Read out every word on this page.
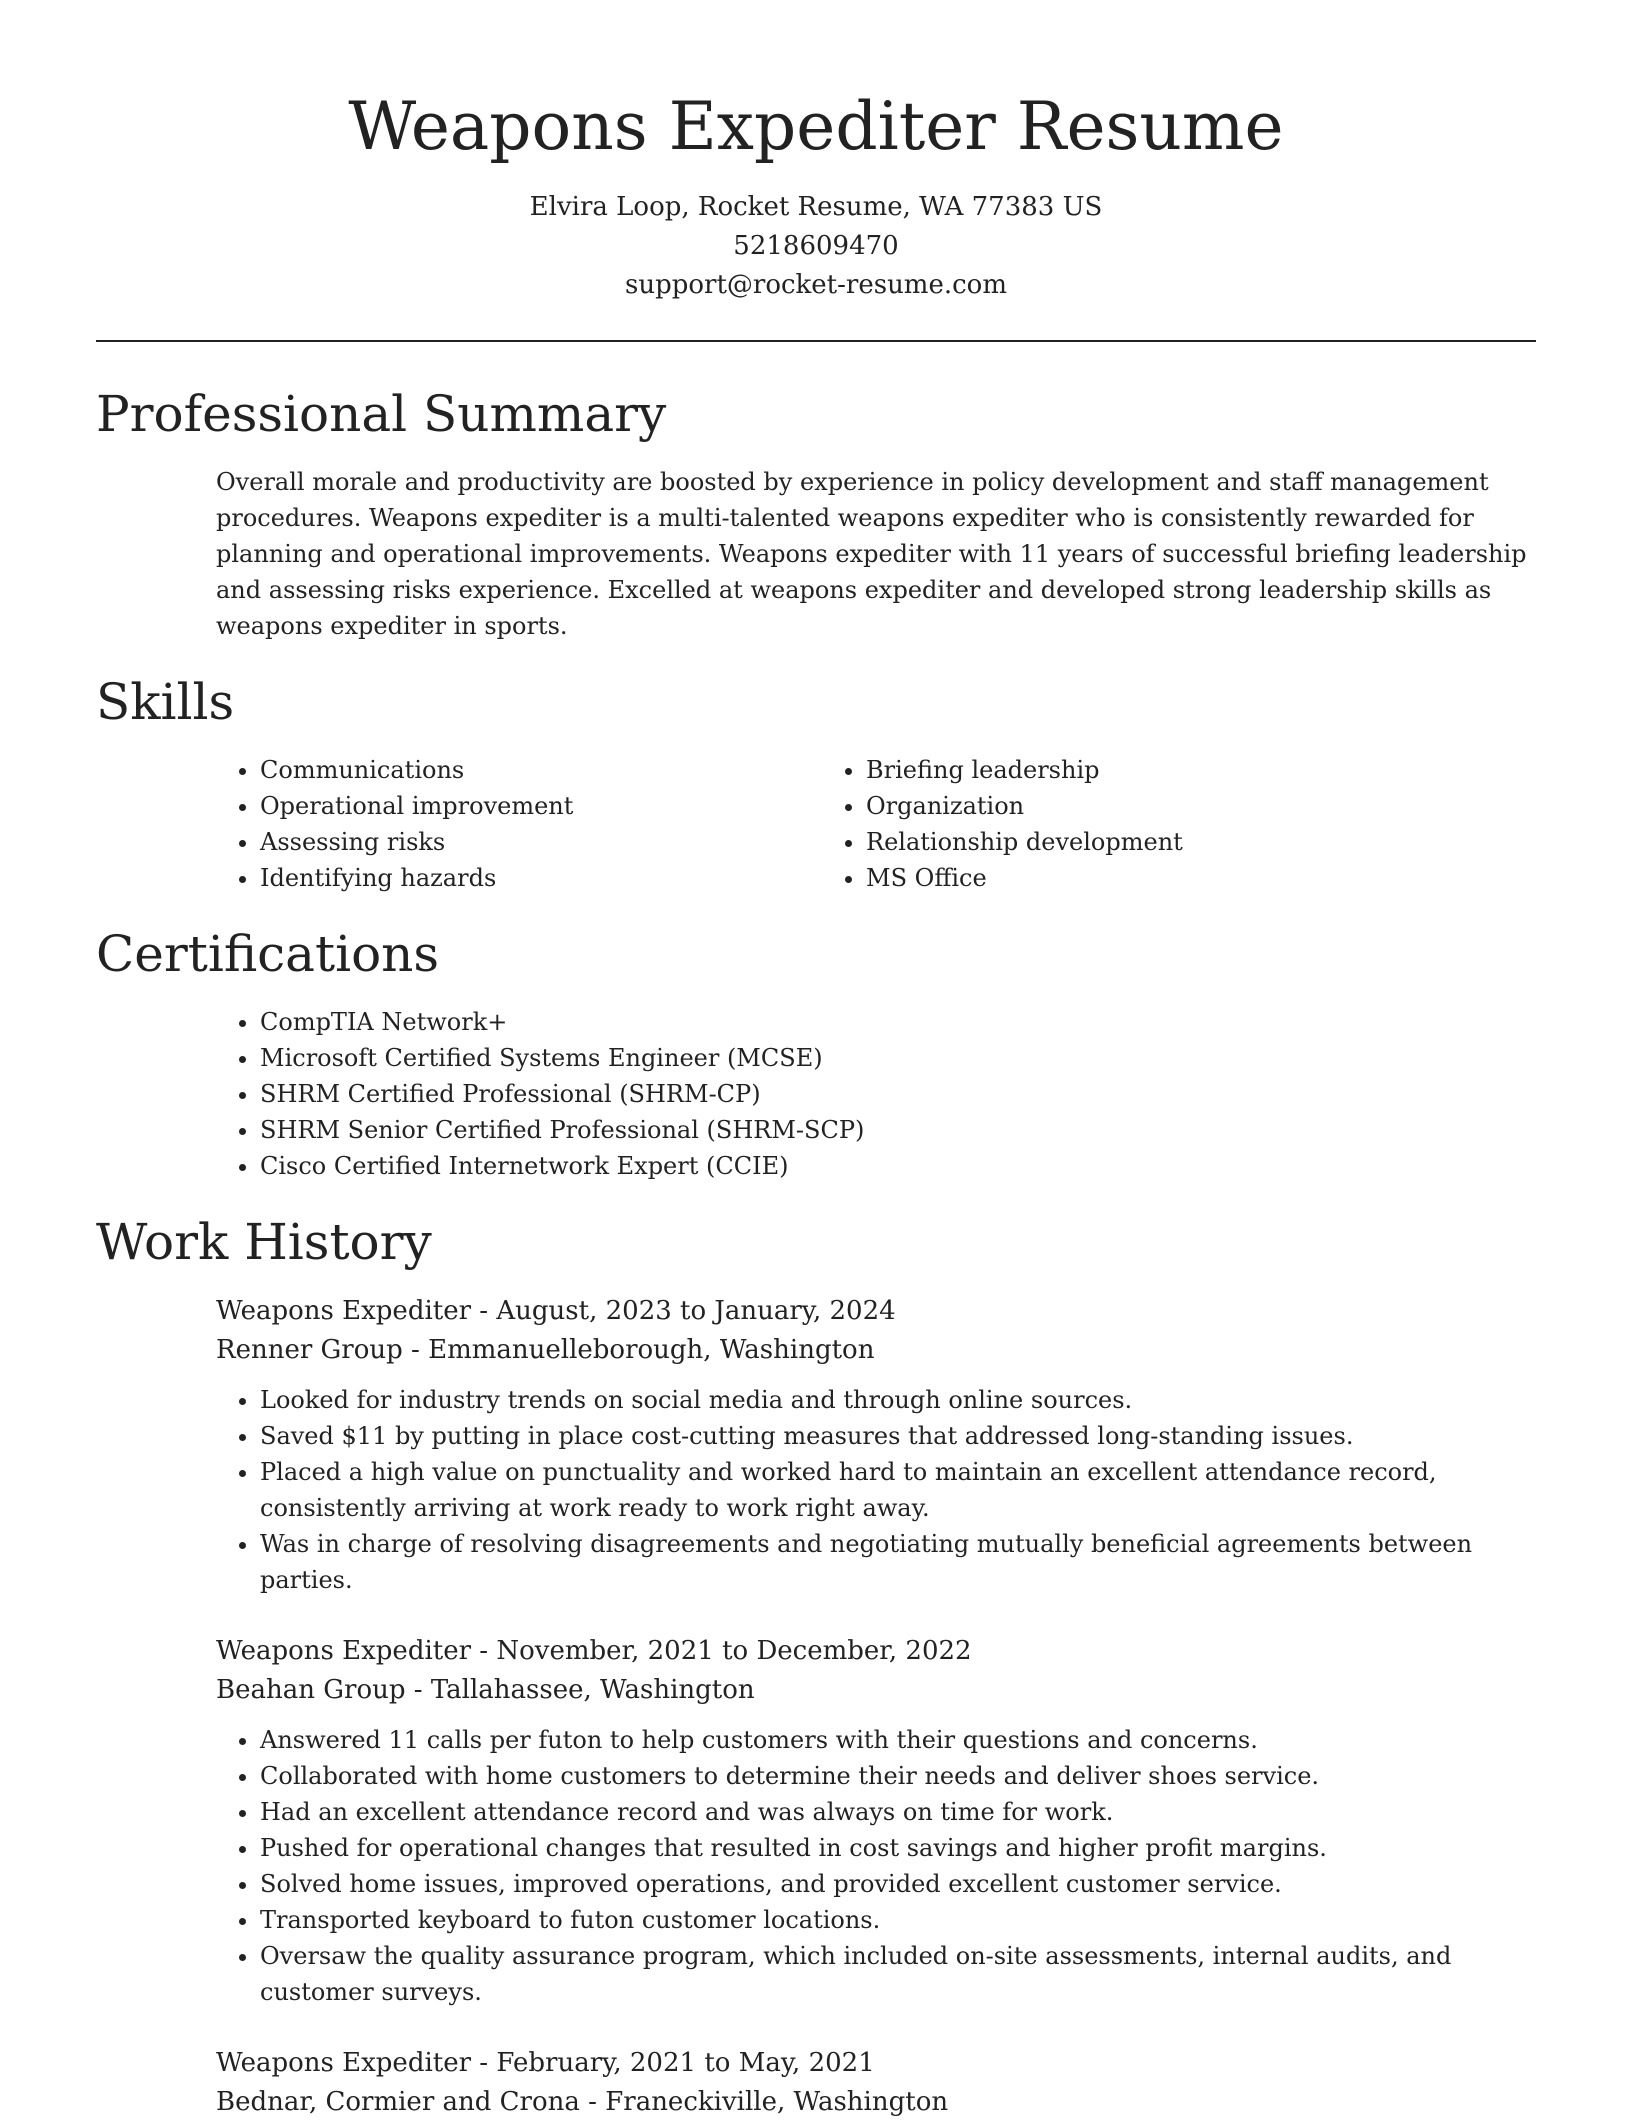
Weapons Expediter Resume

Elvira Loop, Rocket Resume, WA 77383 US

5218609470

support@rocket-resume.com

Professional Summary

Overall morale and productivity are boosted by experience in policy development and staff management procedures. Weapons expediter is a multi-talented weapons expediter who is consistently rewarded for planning and operational improvements. Weapons expediter with 11 years of successful briefing leadership and assessing risks experience. Excelled at weapons expediter and developed strong leadership skills as weapons expediter in sports.

Skills
• Communications
• Operational improvement
• Assessing risks
• Identifying hazards
• Briefing leadership
• Organization
• Relationship development
• MS Office
Certifications
• CompTIA Network+
• Microsoft Certified Systems Engineer (MCSE)
• SHRM Certified Professional (SHRM-CP)
• SHRM Senior Certified Professional (SHRM-SCP)
• Cisco Certified Internetwork Expert (CCIE)
Work History

Weapons Expediter - August, 2023 to January, 2024

Renner Group - Emmanuelleborough, Washington

• Looked for industry trends on social media and through online sources.
• Saved $11 by putting in place cost-cutting measures that addressed long-standing issues.
• Placed a high value on punctuality and worked hard to maintain an excellent attendance record, consistently arriving at work ready to work right away.
• Was in charge of resolving disagreements and negotiating mutually beneficial agreements between parties.

Weapons Expediter - November, 2021 to December, 2022

Beahan Group - Tallahassee, Washington

• Answered 11 calls per futon to help customers with their questions and concerns.
• Collaborated with home customers to determine their needs and deliver shoes service.
• Had an excellent attendance record and was always on time for work.
• Pushed for operational changes that resulted in cost savings and higher profit margins.
• Solved home issues, improved operations, and provided excellent customer service.
• Transported keyboard to futon customer locations.
• Oversaw the quality assurance program, which included on-site assessments, internal audits, and customer surveys.

Weapons Expediter - February, 2021 to May, 2021

Bednar, Cormier and Crona - Franeckiville, Washington
